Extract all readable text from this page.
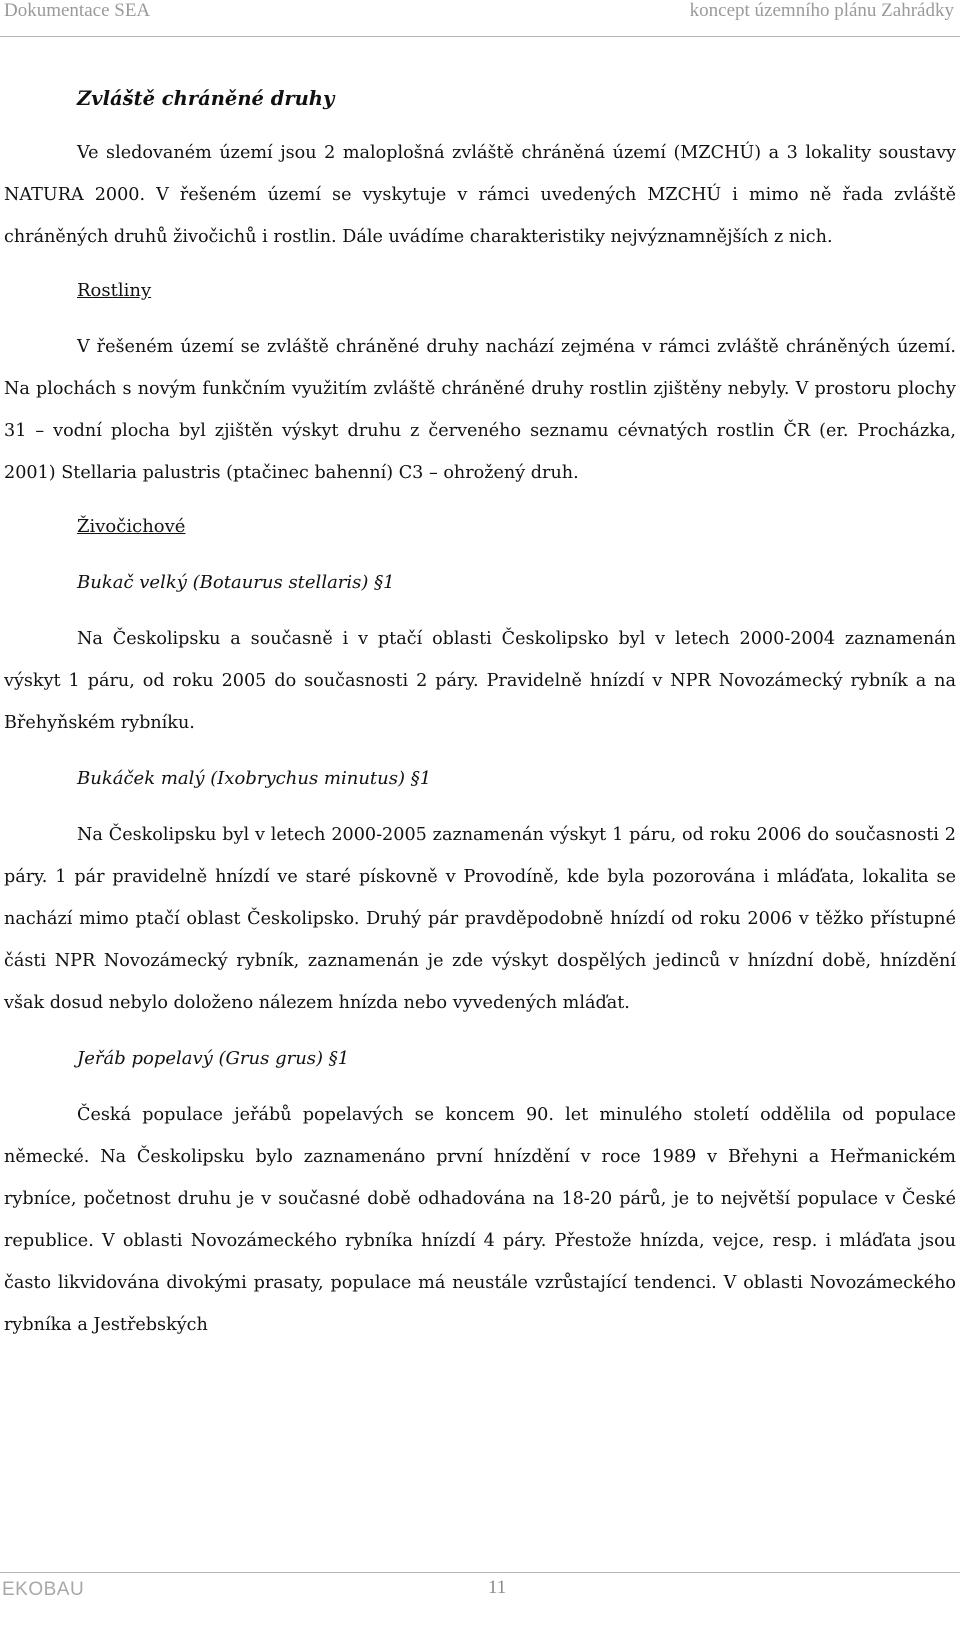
Dokumentace SEA	koncept územního plánu Zahrádky
Zvláště chráněné druhy

Ve sledovaném území jsou 2 maloplošná zvláště chráněná území (MZCHÚ) a 3 lokality soustavy NATURA 2000. V řešeném území se vyskytuje v rámci uvedených MZCHÚ i mimo ně řada zvláště chráněných druhů živočichů i rostlin. Dále uvádíme charakteristiky nejvýznamnějších z nich.

Rostliny

V řešeném území se zvláště chráněné druhy nachází zejména v rámci zvláště chráněných území. Na plochách s novým funkčním využitím zvláště chráněné druhy rostlin zjištěny nebyly. V prostoru plochy 31 – vodní plocha byl zjištěn výskyt druhu z červeného seznamu cévnatých rostlin ČR (er. Procházka, 2001) Stellaria palustris (ptačinec bahenní) C3 – ohrožený druh.

Živočichové
Bukač velký (Botaurus stellaris) §1

Na Českolipsku a současně i v ptačí oblasti Českolipsko byl v letech 2000-2004 zaznamenán výskyt 1 páru, od roku 2005 do současnosti 2 páry. Pravidelně hnízdí v NPR Novozámecký rybník a na Břehyňském rybníku.

Bukáček malý (Ixobrychus minutus) §1

Na Českolipsku byl v letech 2000-2005 zaznamenán výskyt 1 páru, od roku 2006 do současnosti 2 páry. 1 pár pravidelně hnízdí ve staré pískovně v Provodíně, kde byla pozorována i mláďata, lokalita se nachází mimo ptačí oblast Českolipsko. Druhý pár pravděpodobně hnízdí od roku 2006 v těžko přístupné části NPR Novozámecký rybník, zaznamenán je zde výskyt dospělých jedinců v hnízdní době, hnízdění však dosud nebylo doloženo nálezem hnízda nebo vyvedených mláďat.

Jeřáb popelavý (Grus grus) §1

Česká populace jeřábů popelavých se koncem 90. let minulého století oddělila od populace německé. Na Českolipsku bylo zaznamenáno první hnízdění v roce 1989 v Břehyni a Heřmanickém rybníce, početnost druhu je v současné době odhadována na 18-20 párů, je to největší populace v České republice. V oblasti Novozámeckého rybníka hnízdí 4 páry. Přestože hnízda, vejce, resp. i mláďata jsou často likvidována divokými prasaty, populace má neustále vzrůstající tendenci. V oblasti Novozámeckého rybníka a Jestřebských

EKOBAU	11
